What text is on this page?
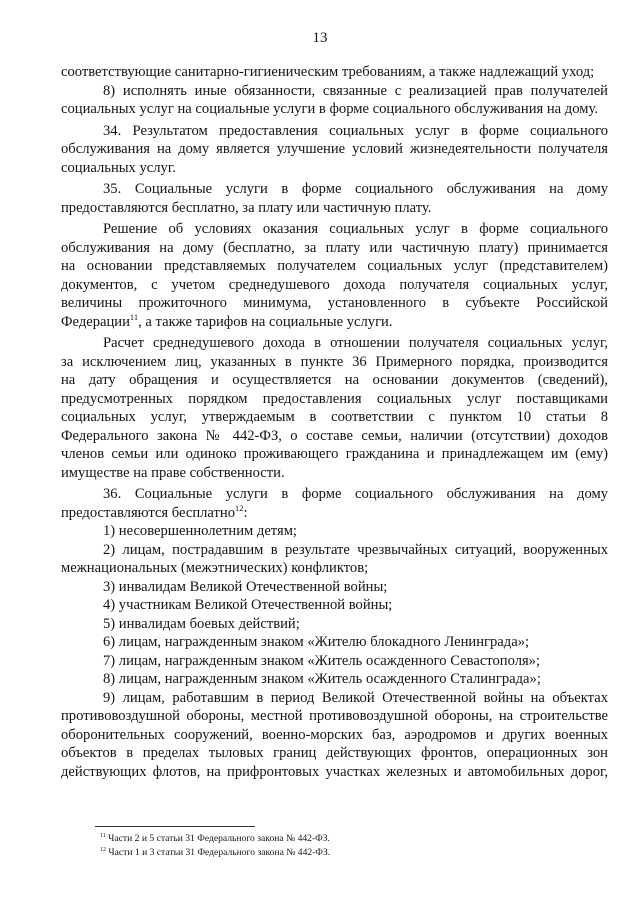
13

соответствующие санитарно-гигиеническим требованиям, а также надлежащий уход;

8) исполнять иные обязанности, связанные с реализацией прав получателей

социальных услуг на социальные услуги в форме социального обслуживания на дому.

34. Результатом предоставления социальных услуг в форме социального

обслуживания на дому является улучшение условий жизнедеятельности получателя

социальных услуг.

35. Социальные услуги в форме социального обслуживания на дому

предоставляются бесплатно, за плату или частичную плату.

Решение об условиях оказания социальных услуг в форме социального

обслуживания на дому (бесплатно, за плату или частичную плату) принимается

на основании представляемых получателем социальных услуг (представителем)

документов, с учетом среднедушевого дохода получателя социальных услуг,

величины прожиточного минимума, установленного в субъекте Российской

Федерации$^{11}$, а также тарифов на социальные услуги.

Расчет среднедушевого дохода в отношении получателя социальных услуг,

за исключением лиц, указанных в пункте 36 Примерного порядка, производится

на дату обращения и осуществляется на основании документов (сведений),

предусмотренных порядком предоставления социальных услуг поставщиками

социальных услуг, утверждаемым в соответствии с пунктом 10 статьи 8

Федерального закона № 442-ФЗ, о составе семьи, наличии (отсутствии) доходов

членов семьи или одиноко проживающего гражданина и принадлежащем им (ему)

имуществе на праве собственности.

36. Социальные услуги в форме социального обслуживания на дому

предоставляются бесплатно$^{12}$:

1) несовершеннолетним детям;

2) лицам, пострадавшим в результате чрезвычайных ситуаций, вооруженных

межнациональных (межэтнических) конфликтов;

3) инвалидам Великой Отечественной войны;

4) участникам Великой Отечественной войны;

5) инвалидам боевых действий;

6) лицам, награжденным знаком «Жителю блокадного Ленинграда»;

7) лицам, награжденным знаком «Житель осажденного Севастополя»;

8) лицам, награжденным знаком «Житель осажденного Сталинграда»;

9) лицам, работавшим в период Великой Отечественной войны на объектах

противовоздушной обороны, местной противовоздушной обороны, на строительстве

оборонительных сооружений, военно-морских баз, аэродромов и других военных

объектов в пределах тыловых границ действующих фронтов, операционных зон

действующих флотов, на прифронтовых участках железных и автомобильных дорог,

$^{11}$ Части 2 и 5 статьи 31 Федерального закона № 442-ФЗ.

$^{12}$ Части 1 и 3 статьи 31 Федерального закона № 442-ФЗ.
